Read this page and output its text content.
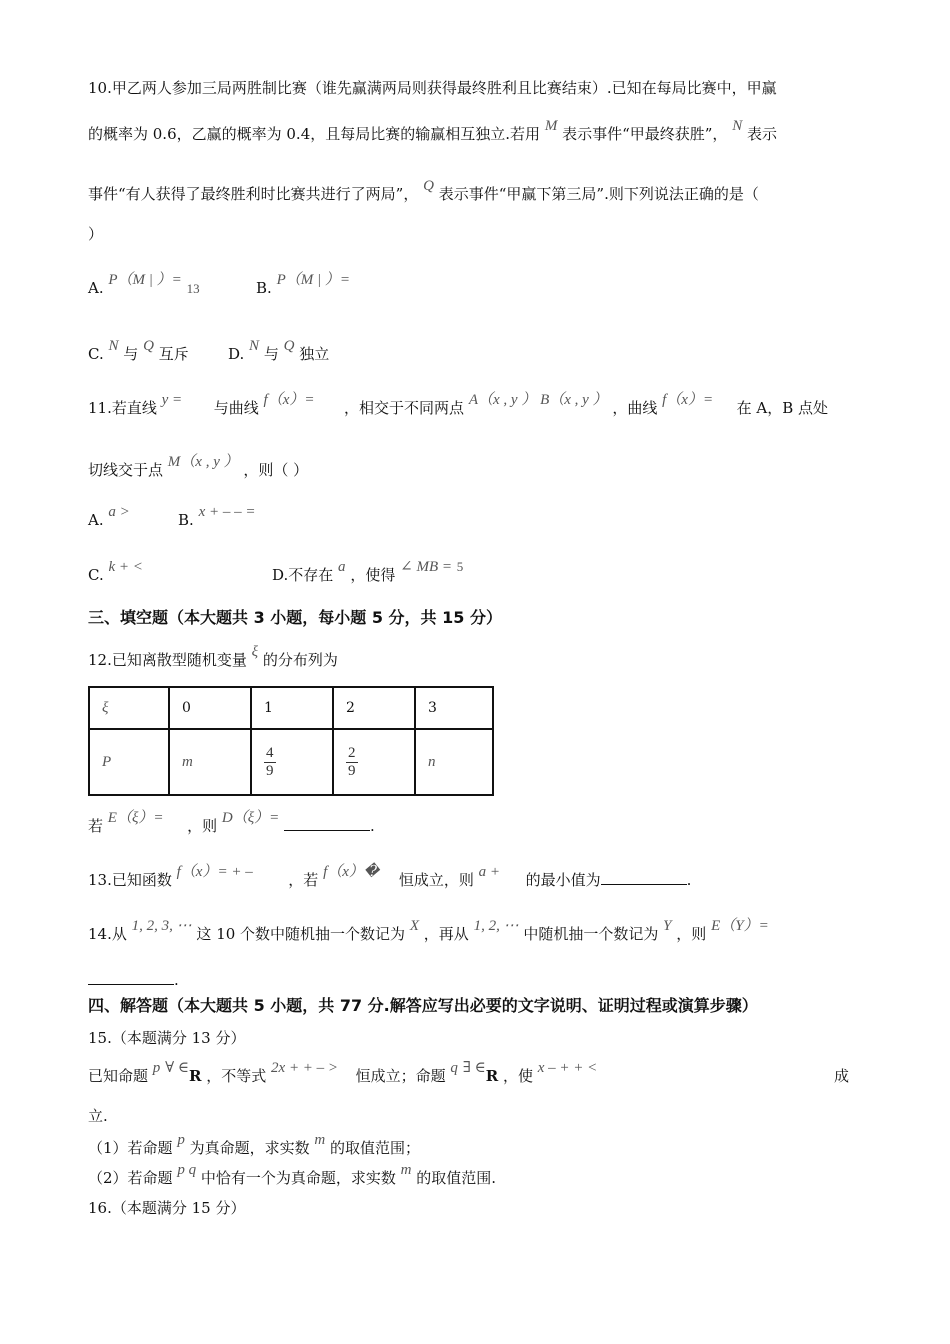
10.甲乙两人参加三局两胜制比赛（谁先赢满两局则获得最终胜利且比赛结束）.已知在每局比赛中，甲赢
的概率为 0.6，乙赢的概率为 0.4，且每局比赛的输赢相互独立.若用 M 表示事件“甲最终获胜”， N 表示
事件“有人获得了最终胜利时比赛共进行了两局”， Q 表示事件“甲赢下第三局”.则下列说法正确的是（
）
A. P（M | ）= 13	B. P（M | ）=
C. N 与 Q 互斥	D. N 与 Q 独立
11.若直线 y = 与曲线 f（x）= ，相交于不同两点 A（x , y ） B（x , y ） ，曲线 f（x）= 在 A，B 点处
切线交于点 M（x , y ） ，则（ ）
A. a >	B. x + – – =
C. k + <	D.不存在 a ，使得 ∠ MB = 5
三、填空题（本大题共 3 小题，每小题 5 分，共 15 分）
12.已知离散型随机变量 ξ 的分布列为
ξ	0	1	2	3
P	m	$\frac{4}{9}$	$\frac{2}{9}$	n
若 E（ξ）= ，则 D（ξ）=	.
13.已知函数 f（x）= + – ，若 f（x）� 恒成立，则 a + 的最小值为	.
14.从 1, 2, 3, ⋯ 这 10 个数中随机抽一个数记为 X ，再从 1, 2, ⋯ 中随机抽一个数记为 Y ，则 E（Y）=
.
四、解答题（本大题共 5 小题，共 77 分.解答应写出必要的文字说明、证明过程或演算步骤）
15.（本题满分 13 分）
已知命题 p ∀ ∈R ，不等式 2x + + – > 恒成立；命题 q ∃ ∈R ，使 x – + + <	成
立.
（1）若命题 p 为真命题，求实数 m 的取值范围；
（2）若命题 p q 中恰有一个为真命题，求实数 m 的取值范围.
16.（本题满分 15 分）
